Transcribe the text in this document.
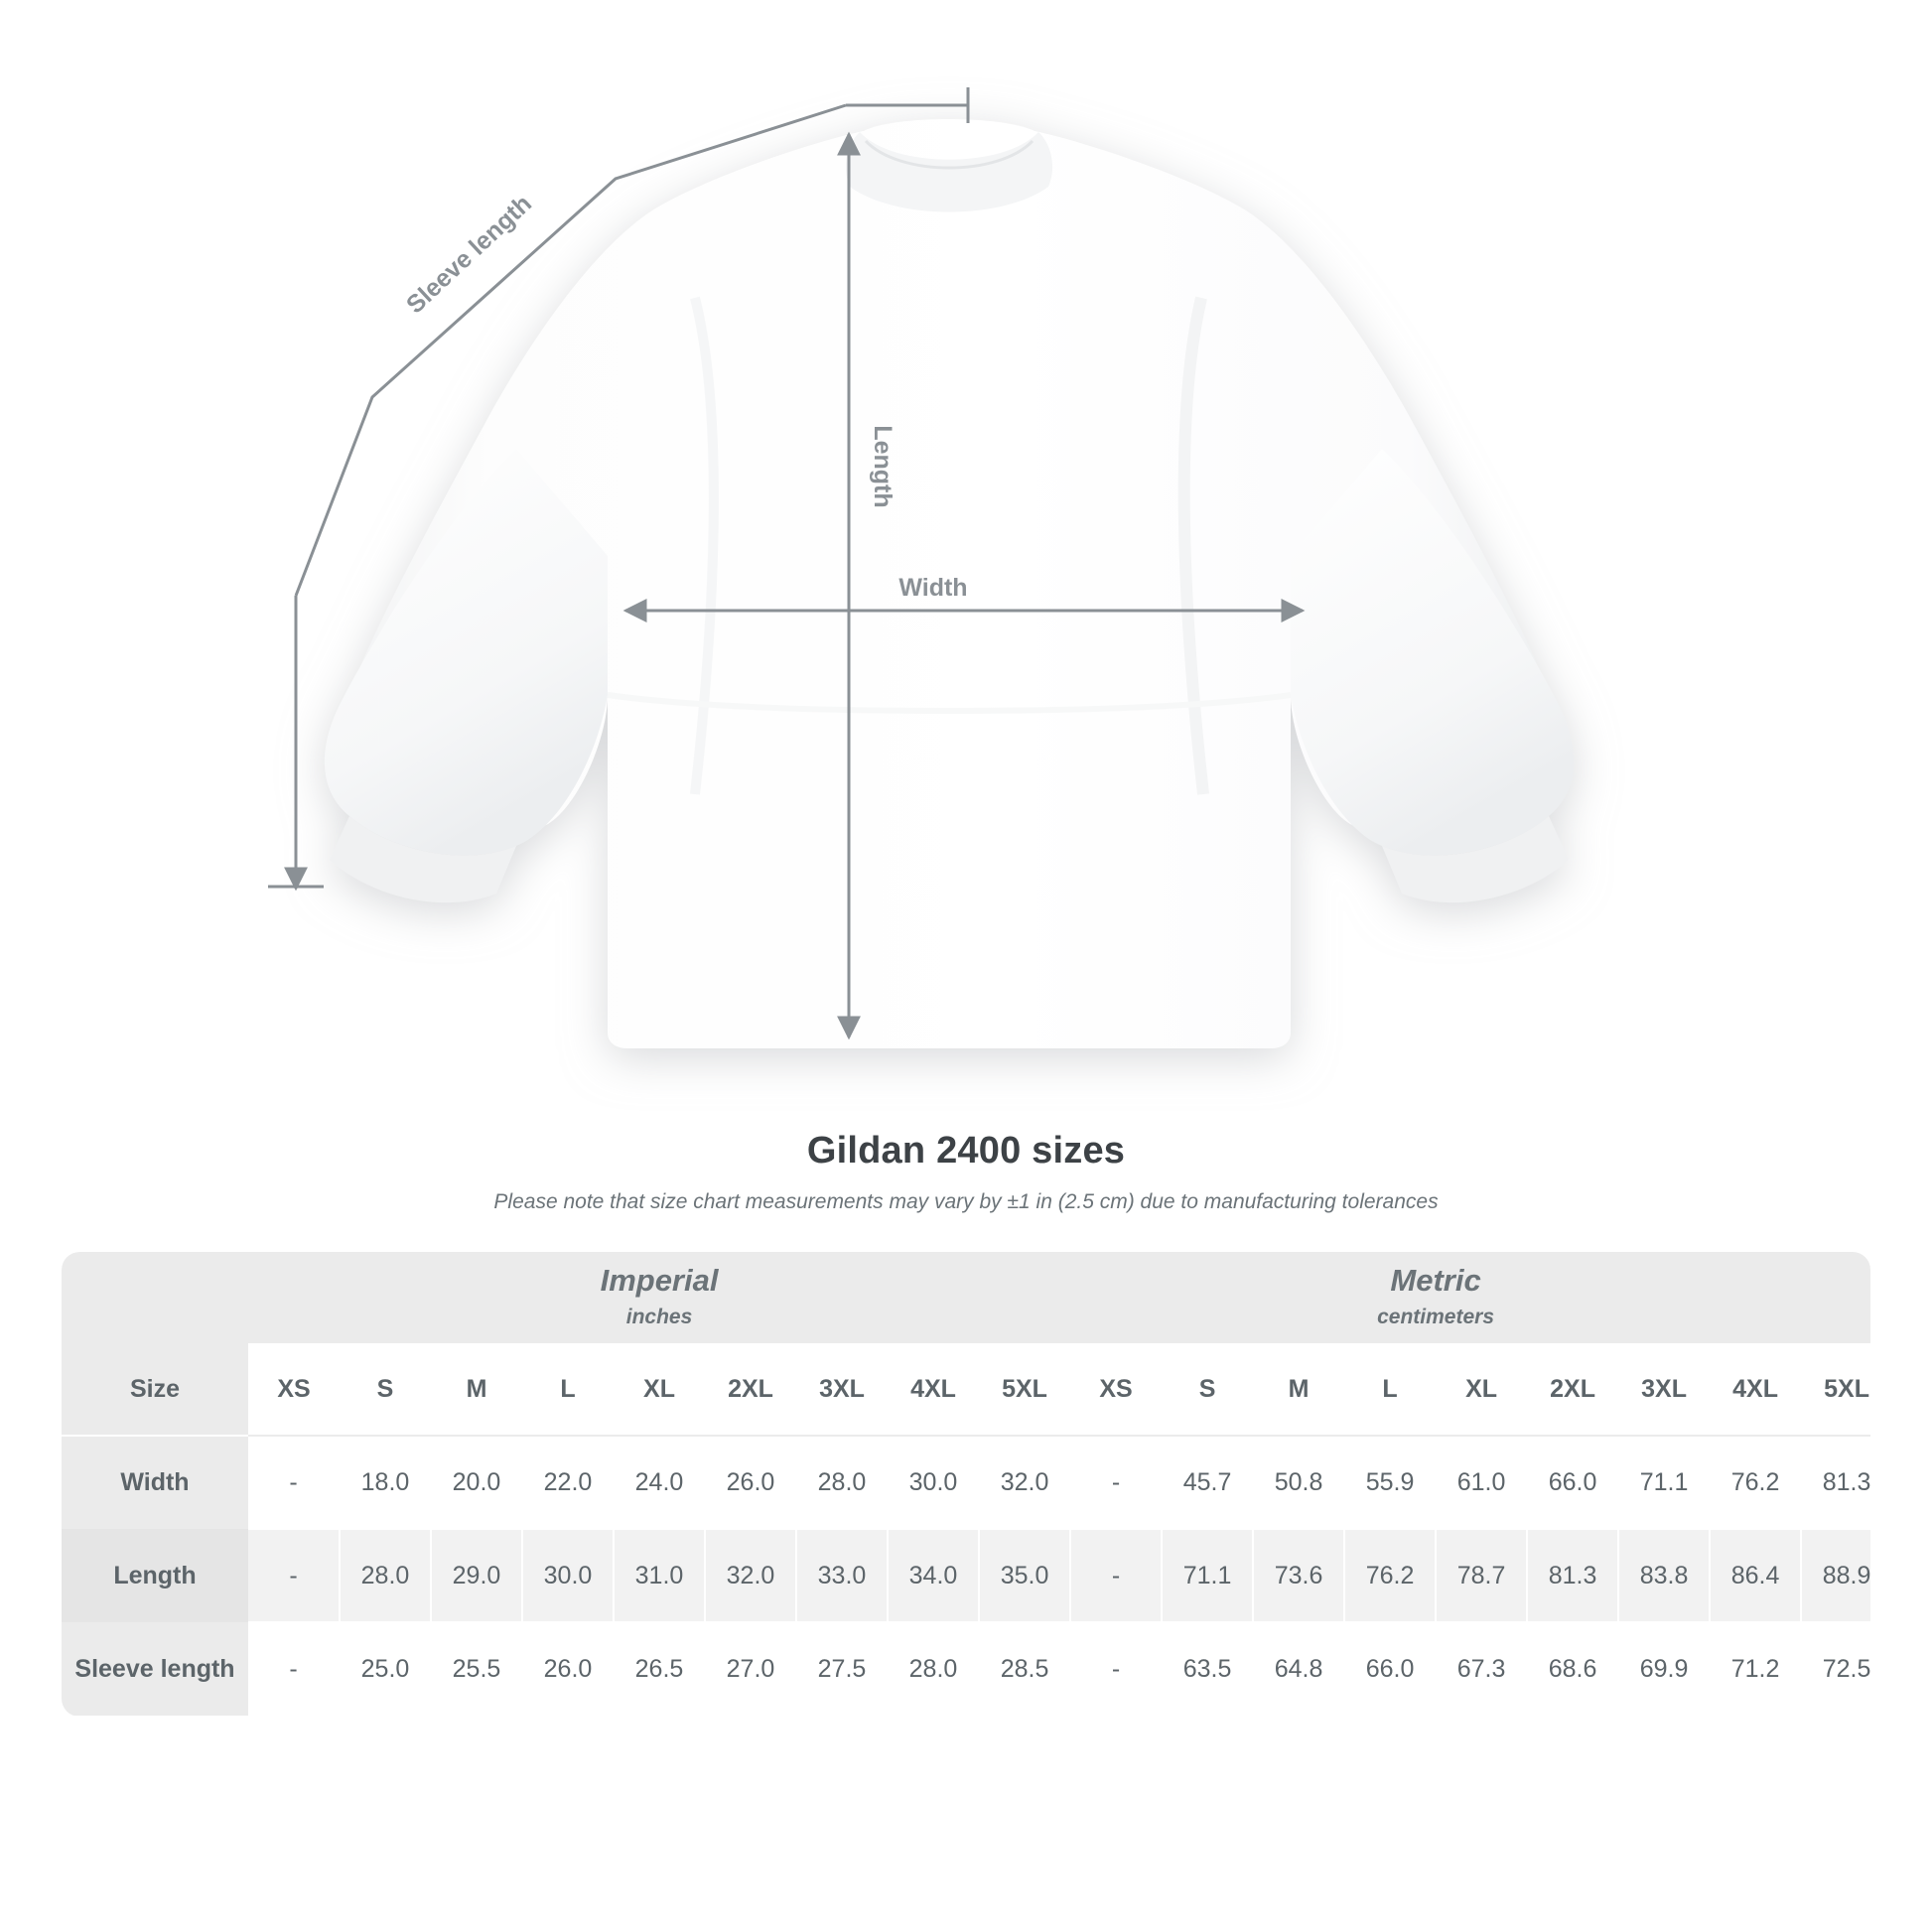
Length
Width
Sleeve length
Gildan 2400 sizes
Please note that size chart measurements may vary by ±1 in (2.5 cm) due to manufacturing tolerances

Imperial
inches

Metric
centimeters

Size	XS	S	M	L	XL	2XL	3XL	4XL	5XL	XS	S	M	L	XL	2XL	3XL	4XL	5XL
Width	-	18.0	20.0	22.0	24.0	26.0	28.0	30.0	32.0	-	45.7	50.8	55.9	61.0	66.0	71.1	76.2	81.3
Length	-	28.0	29.0	30.0	31.0	32.0	33.0	34.0	35.0	-	71.1	73.6	76.2	78.7	81.3	83.8	86.4	88.9
Sleeve length	-	25.0	25.5	26.0	26.5	27.0	27.5	28.0	28.5	-	63.5	64.8	66.0	67.3	68.6	69.9	71.2	72.5
